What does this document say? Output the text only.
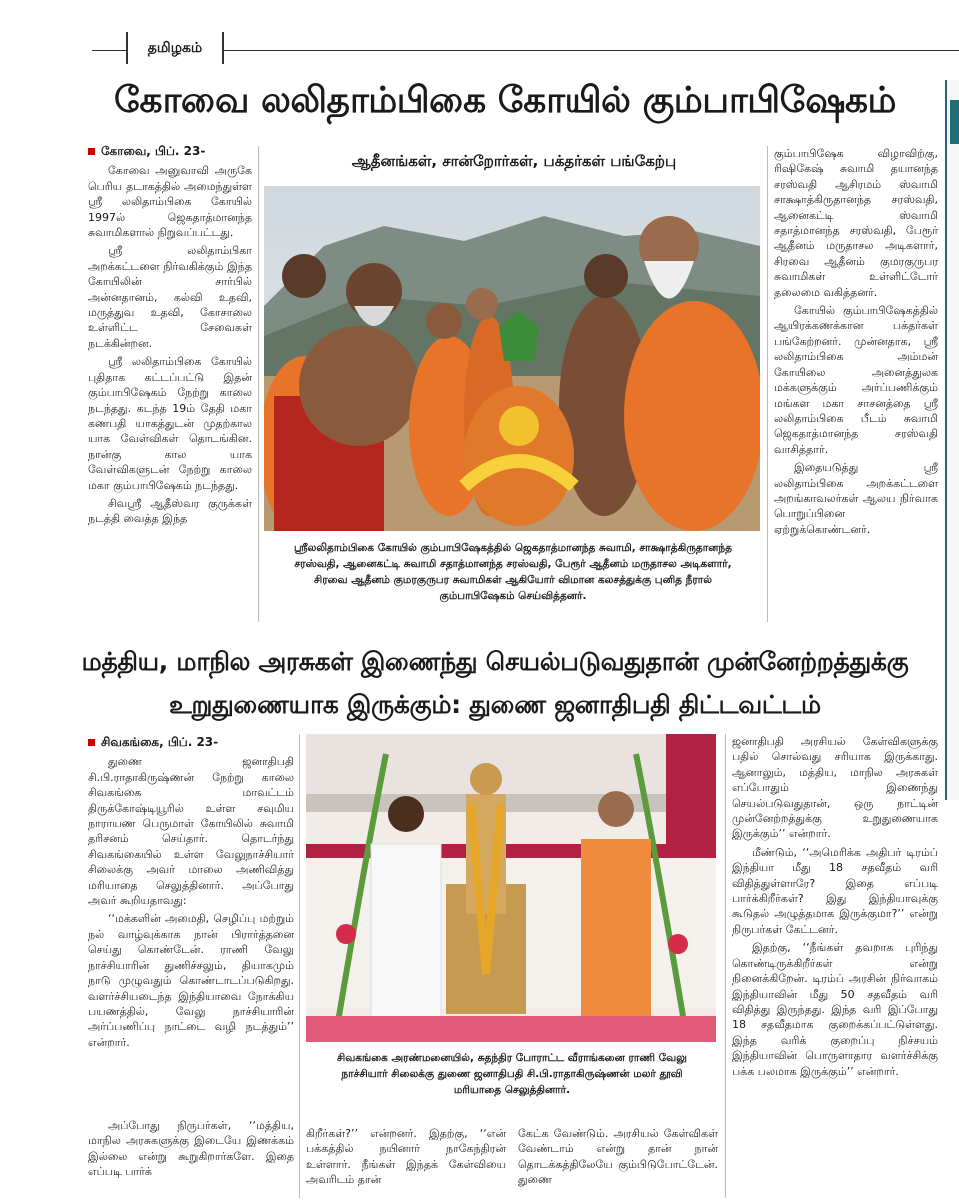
தமிழகம்
கோவை லலிதாம்பிகை கோயில் கும்பாபிஷேகம்
கோவை, பிப். 23-

கோவை அனுவாவி அருகே பெரிய தடாகத்தில் அமைந்துள்ள ஸ்ரீ லலிதாம்பிகை கோயில் 1997ல் ஜெகதாத்மானந்த சுவாமிகளால் நிறுவப்பட்டது.

ஸ்ரீ லலிதாம்பிகா அறக்கட்டளை நிர்வகிக்கும் இந்த கோயிலின் சார்பில் அன்னதானம், கல்வி உதவி, மருத்துவ உதவி, கோசாலை உள்ளிட்ட சேவைகள் நடக்கின்றன.

ஸ்ரீ லலிதாம்பிகை கோயில் புதிதாக கட்டப்பட்டு இதன் கும்பாபிஷேகம் நேற்று காலை நடந்தது. கடந்த 19ம் தேதி மகா கணபதி யாகத்துடன் முதற்கால யாக வேள்விகள் தொடங்கின. நான்கு கால யாக வேள்விகளுடன் நேற்று காலை மகா கும்பாபிஷேகம் நடந்தது.

சிவஸ்ரீ ஆதீஸ்வர குருக்கள் நடத்தி வைத்த இந்த

ஆதீனங்கள், சான்றோர்கள், பக்தர்கள் பங்கேற்பு
ஸ்ரீலலிதாம்பிகை கோயில் கும்பாபிஷேகத்தில் ஜெகதாத்மானந்த சுவாமி, சாக்ஷாத்கிருதானந்த சரஸ்வதி, ஆனைகட்டி சுவாமி சதாத்மானந்த சரஸ்வதி, பேரூர் ஆதீனம் மருதாசல அடிகளார், சிரவை ஆதீனம் குமரகுருபர சுவாமிகள் ஆகியோர் விமான கலசத்துக்கு புனித நீரால் கும்பாபிஷேகம் செய்வித்தனர்.

கும்பாபிஷேக விழாவிற்கு, ரிஷிகேஷ் சுவாமி தயானந்த சரஸ்வதி ஆசிரமம் ஸ்வாமி சாக்ஷாத்கிருதானந்த சரஸ்வதி, ஆனைகட்டி ஸ்வாமி சதாத்மானந்த சரஸ்வதி, பேரூர் ஆதீனம் மருதாசல அடிகளார், சிரவை ஆதீனம் குமரகுருபர சுவாமிகள் உள்ளிட்டோர் தலைமை வகித்தனர்.

கோயில் கும்பாபிஷேகத்தில் ஆயிரக்கணக்கான பக்தர்கள் பங்கேற்றனர். முன்னதாக, ஸ்ரீ லலிதாம்பிகை அம்மன் கோயிலை அனைத்துலக மக்களுக்கும் அர்ப்பணிக்கும் மங்கள மகா சாசனத்தை ஸ்ரீ லலிதாம்பிகை பீடம் சுவாமி ஜெகதாத்மானந்த சரஸ்வதி வாசித்தார்.

இதையடுத்து ஸ்ரீ லலிதாம்பிகை அறக்கட்டளை அறங்காவலர்கள் ஆலய நிர்வாக பொறுப்பினை ஏற்றுக்கொண்டனர்.

மத்திய, மாநில அரசுகள் இணைந்து செயல்படுவதுதான் முன்னேற்றத்துக்கு
உறுதுணையாக இருக்கும்: துணை ஜனாதிபதி திட்டவட்டம்
சிவகங்கை, பிப். 23-

துணை ஜனாதிபதி சி.பி.ராதாகிருஷ்ணன் நேற்று காலை சிவகங்கை மாவட்டம் திருக்கோஷ்டியூரில் உள்ள சவுமிய நாராயண பெருமாள் கோயிலில் சுவாமி தரிசனம் செய்தார். தொடர்ந்து சிவகங்கையில் உள்ள வேலுநாச்சியார் சிலைக்கு அவர் மாலை அணிவித்து மரியாதை செலுத்தினார். அப்போது அவர் கூறியதாவது:

‘‘மக்களின் அமைதி, செழிப்பு மற்றும் நல் வாழ்வுக்காக நான் பிரார்த்தனை செய்து கொண்டேன். ராணி வேலு நாச்சியாரின் துணிச்சலும், தியாகமும் நாடு முழுவதும் கொண்டாடப்படுகிறது. வளர்ச்சியடைந்த இந்தியாவை நோக்கிய பயணத்தில், வேலு நாச்சியாரின் அர்ப்பணிப்பு நாட்டை வழி நடத்தும்’’ என்றார்.

அப்போது நிருபர்கள், ‘‘மத்திய, மாநில அரசுகளுக்கு இடையே இணக்கம் இல்லை என்று கூறுகிறார்களே. இதை எப்படி பார்க்

சிவகங்கை அரண்மனையில், சுதந்திர போராட்ட வீராங்கனை ராணி வேலு நாச்சியார் சிலைக்கு துணை ஜனாதிபதி சி.பி.ராதாகிருஷ்ணன் மலர் தூவி மரியாதை செலுத்தினார்.

கிறீர்கள்?’’ என்றனர். இதற்கு, ‘‘என் பக்கத்தில் நயினார் நாகேந்திரன் உள்ளார். நீங்கள் இந்தக் கேள்வியை அவரிடம் தான்

கேட்க வேண்டும். அரசியல் கேள்விகள் வேண்டாம் என்று தான் நான் தொடக்கத்திலேயே கும்பிடுபோட்டேன். துணை

ஜனாதிபதி அரசியல் கேள்விகளுக்கு பதில் சொல்வது சரியாக இருக்காது. ஆனாலும், மத்திய, மாநில அரசுகள் எப்போதும் இணைந்து செயல்படுவதுதான், ஒரு நாட்டின் முன்னேற்றத்துக்கு உறுதுணையாக இருக்கும்’’ என்றார்.

மீண்டும், ‘‘அமெரிக்க அதிபர் டிரம்ப் இந்தியா மீது 18 சதவீதம் வரி விதித்துள்ளாரே? இதை எப்படி பார்க்கிறீர்கள்? இது இந்தியாவுக்கு கூடுதல் அழுத்தமாக இருக்குமா?’’ என்று நிருபர்கள் கேட்டனர்.

இதற்கு, ‘‘நீங்கள் தவறாக புரிந்து கொண்டிருக்கிறீர்கள் என்று நினைக்கிறேன். டிரம்ப் அரசின் நிர்வாகம் இந்தியாவின் மீது 50 சதவீதம் வரி விதித்து இருந்தது. இந்த வரி இப்போது 18 சதவீதமாக குறைக்கப்பட்டுள்ளது. இந்த வரிக் குறைப்பு நிச்சயம் இந்தியாவின் பொருளாதார வளர்ச்சிக்கு பக்க பலமாக இருக்கும்’’ என்றார்.
